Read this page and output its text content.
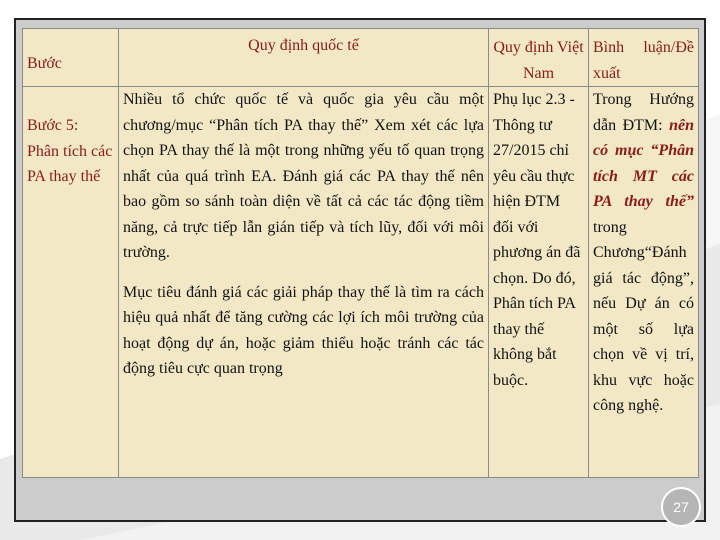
Bước	Quy định quốc tế	Quy định Việt Nam	Bình luận/Đề xuất

Bước 5: Phân tích các PA thay thế	Nhiều tổ chức quốc tế và quốc gia yêu cầu một chương/mục “Phân tích PA thay thế” Xem xét các lựa chọn PA thay thế là một trong những yếu tố quan trọng nhất của quá trình EA. Đánh giá các PA thay thế nên bao gồm so sánh toàn diện về tất cả các tác động tiềm năng, cả trực tiếp lẫn gián tiếp và tích lũy, đối với môi trường.

Mục tiêu đánh giá các giải pháp thay thế là tìm ra cách hiệu quả nhất để tăng cường các lợi ích môi trường của hoạt động dự án, hoặc giảm thiểu hoặc tránh các tác động tiêu cực quan trọng	Phụ lục 2.3 - Thông tư 27/2015 chỉ yêu cầu thực hiện ĐTM đối với phương án đã chọn. Do đó, Phân tích PA thay thế không bắt buộc.	Trong Hướng dẫn ĐTM: nên có mục “Phân tích MT các PA thay thế” trong Chương“Đánh giá tác động”, nếu Dự án có một số lựa chọn về vị trí, khu vực hoặc công nghệ.
27
